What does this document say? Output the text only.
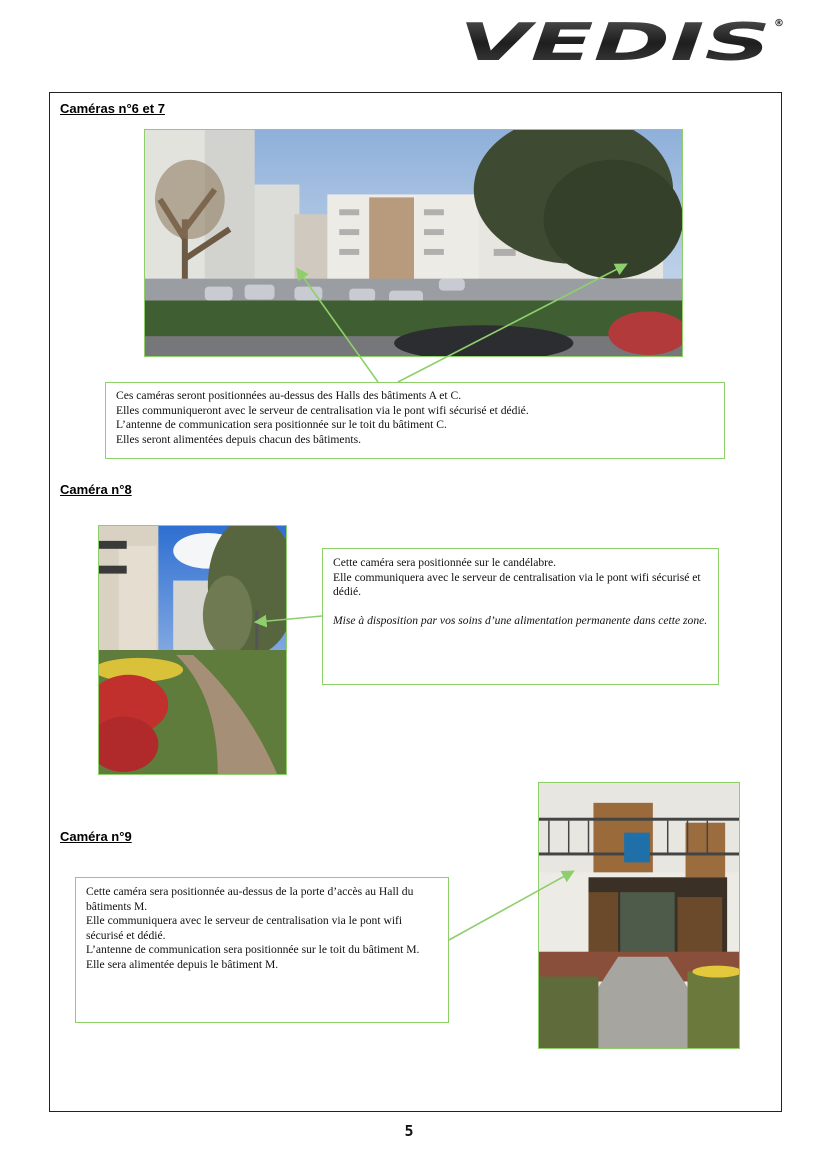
VEDIS ®
Caméras n°6 et 7

Ces caméras seront positionnées au-dessus des Halls des bâtiments A et C.

Elles communiqueront avec le serveur de centralisation via le pont wifi sécurisé et dédié.

L’antenne de communication sera positionnée sur le toit du bâtiment C.

Elles seront alimentées depuis chacun des bâtiments.

Caméra n°8

Cette caméra sera positionnée sur le candélabre.

Elle communiquera avec le serveur de centralisation via le pont wifi sécurisé et dédié.

Mise à disposition par vos soins d’une alimentation permanente dans cette zone.

Caméra n°9

Cette caméra sera positionnée au-dessus de la porte d’accès au Hall du bâtiments M.

Elle communiquera avec le serveur de centralisation via le pont wifi sécurisé et dédié.

L’antenne de communication sera positionnée sur le toit du bâtiment M.

Elle sera alimentée depuis le bâtiment M.

5
